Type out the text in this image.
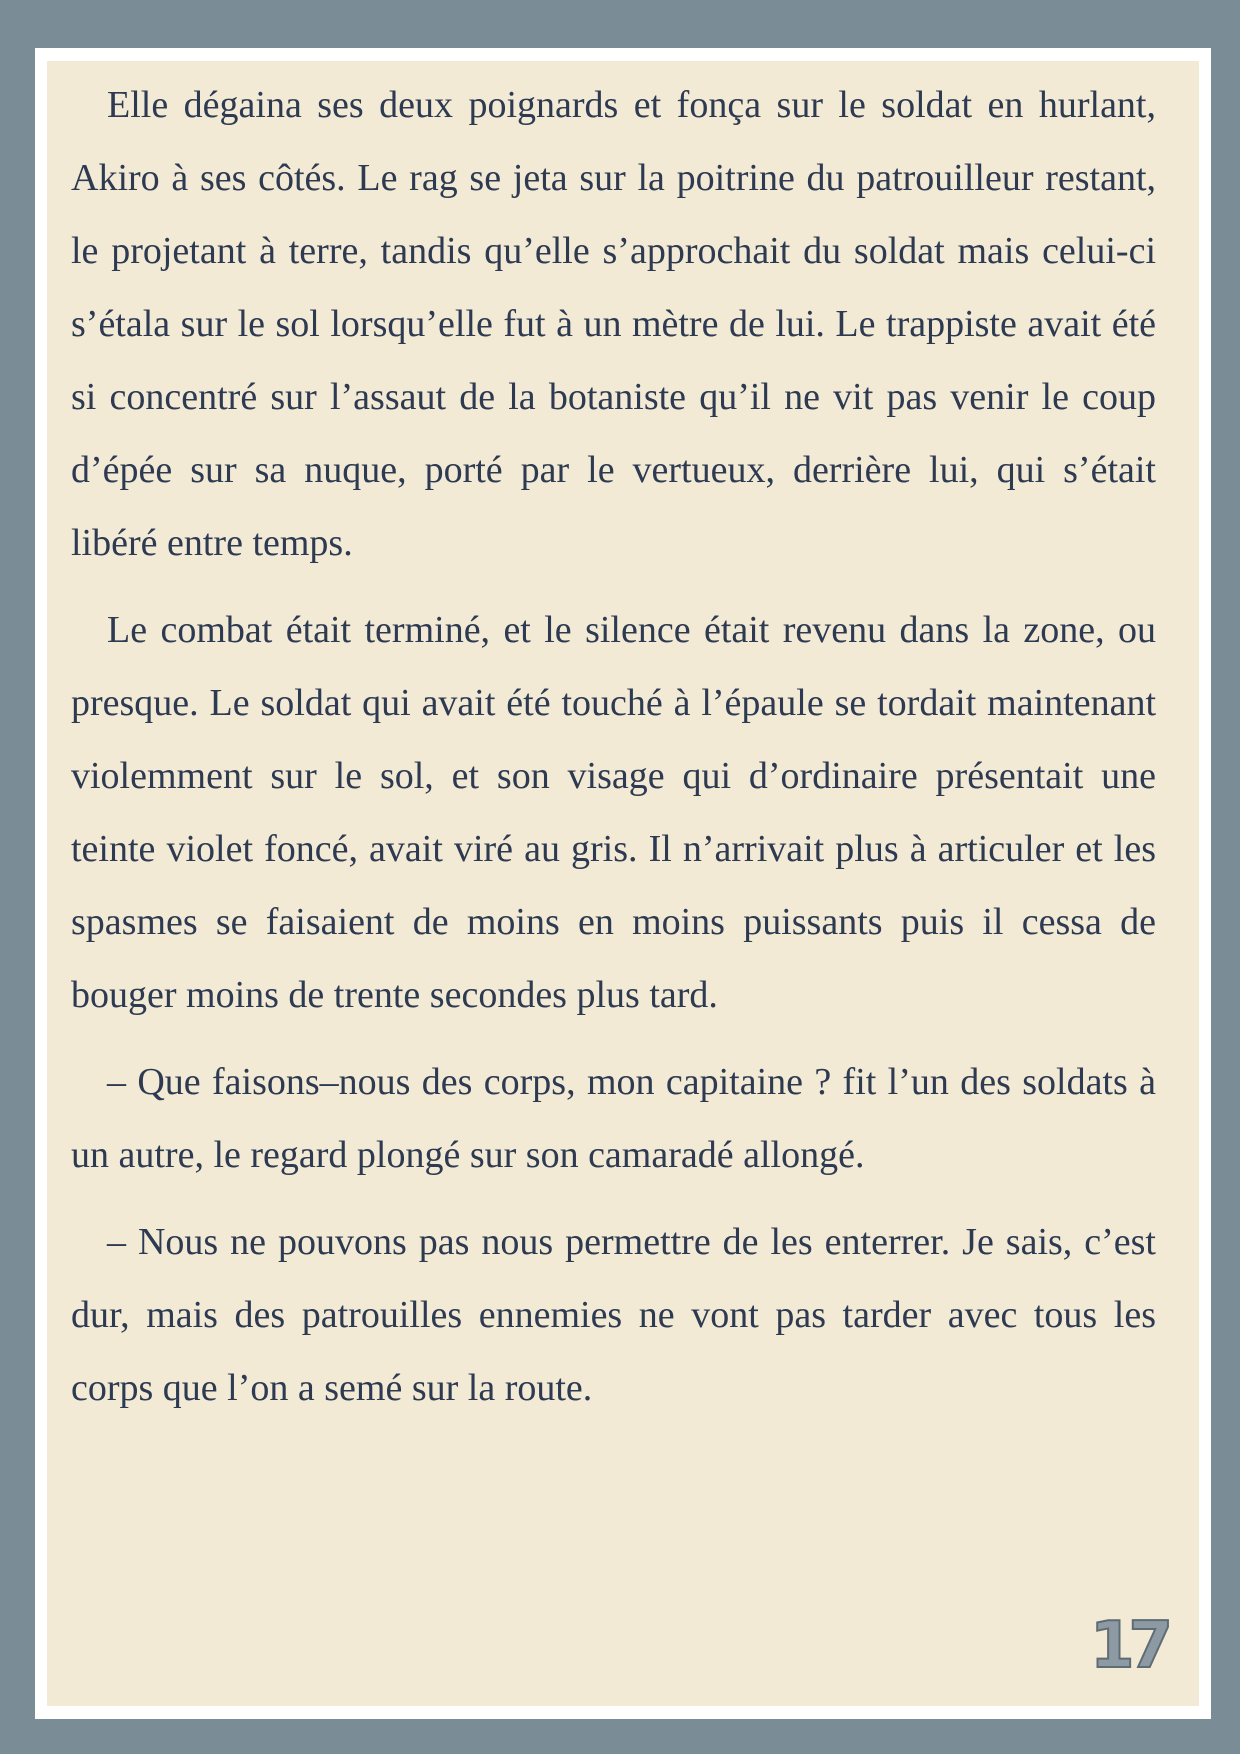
Elle dégaina ses deux poignards et fonça sur le soldat en hurlant, Akiro à ses côtés. Le rag se jeta sur la poitrine du patrouilleur restant, le projetant à terre, tandis qu’elle s’approchait du soldat mais celui-ci s’étala sur le sol lorsqu’elle fut à un mètre de lui. Le trappiste avait été si concentré sur l’assaut de la botaniste qu’il ne vit pas venir le coup d’épée sur sa nuque, porté par le vertueux, derrière lui, qui s’était libéré entre temps.

Le combat était terminé, et le silence était revenu dans la zone, ou presque. Le soldat qui avait été touché à l’épaule se tordait maintenant violemment sur le sol, et son visage qui d’ordinaire présentait une teinte violet foncé, avait viré au gris. Il n’arrivait plus à articuler et les spasmes se faisaient de moins en moins puissants puis il cessa de bouger moins de trente secondes plus tard.

– Que faisons–nous des corps, mon capitaine ? fit l’un des soldats à un autre, le regard plongé sur son camaradé allongé.

– Nous ne pouvons pas nous permettre de les enterrer. Je sais, c’est dur, mais des patrouilles ennemies ne vont pas tarder avec tous les corps que l’on a semé sur la route.

17
